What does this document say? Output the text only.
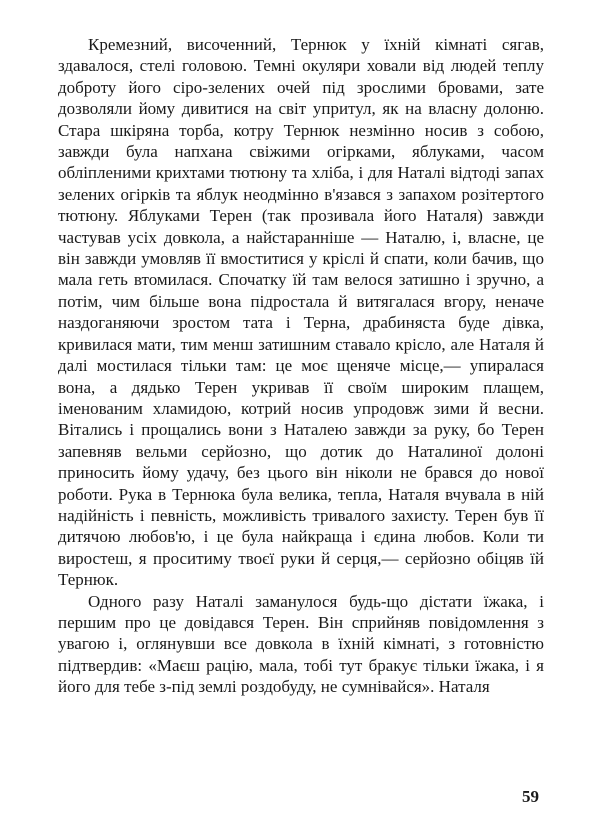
Кремезний, височенний, Тернюк у їхній кімнаті сягав, здавалося, стелі головою. Темні окуляри ховали від людей теплу доброту його сіро-зелених очей під зрослими бровами, зате дозволяли йому дивитися на світ упритул, як на власну долоню. Стара шкіряна торба, котру Тернюк незмінно носив з собою, завжди була напхана свіжими огірками, яблуками, часом обліпленими крихтами тютюну та хліба, і для Наталі відтоді запах зелених огірків та яблук неодмінно в'язався з запахом розітертого тютюну. Яблуками Терен (так прозивала його Наталя) завжди частував усіх довкола, а найстаранніше — Наталю, і, власне, це він завжди умовляв її вмоститися у кріслі й спати, коли бачив, що мала геть втомилася. Спочатку їй там велося затишно і зручно, а потім, чим більше вона підростала й витягалася вгору, неначе наздоганяючи зростом тата і Терна, драбиняста буде дівка, кривилася мати, тим менш затишним ставало крісло, але Наталя й далі мостилася тільки там: це моє щеняче місце,— упиралася вона, а дядько Терен укривав її своїм широким плащем, іменованим хламидою, котрий носив упродовж зими й весни. Вітались і прощались вони з Наталею завжди за руку, бо Терен запевняв вельми серйозно, що дотик до Наталиної долоні приносить йому удачу, без цього він ніколи не брався до нової роботи. Рука в Тернюка була велика, тепла, Наталя вчувала в ній надійність і певність, можливість тривалого захисту. Терен був її дитячою любов'ю, і це була найкраща і єдина любов. Коли ти виростеш, я проситиму твоєї руки й серця,— серйозно обіцяв їй Тернюк.

Одного разу Наталі заманулося будь-що дістати їжака, і першим про це довідався Терен. Він сприйняв повідомлення з увагою і, оглянувши все довкола в їхній кімнаті, з готовністю підтвердив: «Маєш рацію, мала, тобі тут бракує тільки їжака, і я його для тебе з-під землі роздобуду, не сумнівайся». Наталя

59
